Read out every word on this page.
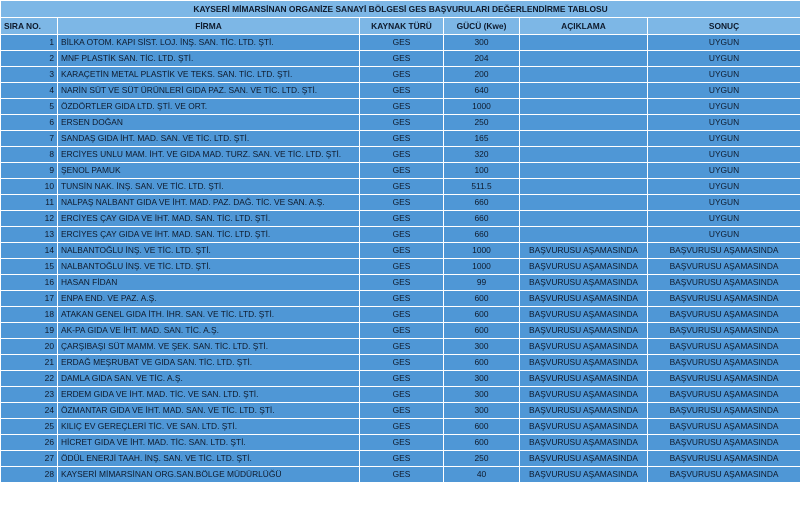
KAYSERİ MİMARSİNAN ORGANİZE SANAYİ BÖLGESİ GES BAŞVURULARI DEĞERLENDİRME TABLOSU					
SIRA NO.	FİRMA	KAYNAK TÜRÜ	GÜCÜ (Kwe)	AÇIKLAMA	SONUÇ
1	BİLKA OTOM. KAPI SİST. LOJ. İNŞ. SAN. TİC. LTD. ŞTİ.	GES	300		UYGUN
2	MNF PLASTİK SAN. TİC. LTD. ŞTİ.	GES	204		UYGUN
3	KARAÇETİN METAL PLASTİK VE TEKS. SAN. TİC. LTD. ŞTİ.	GES	200		UYGUN
4	NARİN SÜT VE SÜT ÜRÜNLERİ GIDA PAZ. SAN. VE TİC. LTD. ŞTİ.	GES	640		UYGUN
5	ÖZDÖRTLER GIDA LTD. ŞTİ. VE ORT.	GES	1000		UYGUN
6	ERSEN DOĞAN	GES	250		UYGUN
7	SANDAŞ GIDA İHT. MAD. SAN. VE TİC. LTD. ŞTİ.	GES	165		UYGUN
8	ERCİYES UNLU MAM. İHT. VE GIDA MAD. TURZ. SAN. VE TİC. LTD. ŞTİ.	GES	320		UYGUN
9	ŞENOL PAMUK	GES	100		UYGUN
10	TUNSİN NAK. İNŞ. SAN. VE TİC. LTD. ŞTİ.	GES	511.5		UYGUN
11	NALPAŞ NALBANT GIDA VE İHT. MAD. PAZ. DAĞ. TİC. VE SAN. A.Ş.	GES	660		UYGUN
12	ERCİYES ÇAY GIDA VE İHT. MAD. SAN. TİC. LTD. ŞTİ.	GES	660		UYGUN
13	ERCİYES ÇAY GIDA VE İHT. MAD. SAN. TİC. LTD. ŞTİ.	GES	660		UYGUN
14	NALBANTOĞLU İNŞ. VE TİC. LTD. ŞTİ.	GES	1000	BAŞVURUSU AŞAMASINDA	BAŞVURUSU AŞAMASINDA
15	NALBANTOĞLU İNŞ. VE TİC. LTD. ŞTİ.	GES	1000	BAŞVURUSU AŞAMASINDA	BAŞVURUSU AŞAMASINDA
16	HASAN FİDAN	GES	99	BAŞVURUSU AŞAMASINDA	BAŞVURUSU AŞAMASINDA
17	ENPA END. VE PAZ. A.Ş.	GES	600	BAŞVURUSU AŞAMASINDA	BAŞVURUSU AŞAMASINDA
18	ATAKAN GENEL GIDA İTH. İHR. SAN. VE TİC. LTD. ŞTİ.	GES	600	BAŞVURUSU AŞAMASINDA	BAŞVURUSU AŞAMASINDA
19	AK-PA GIDA VE İHT. MAD. SAN. TİC. A.Ş.	GES	600	BAŞVURUSU AŞAMASINDA	BAŞVURUSU AŞAMASINDA
20	ÇARŞIBAŞI SÜT MAMM. VE ŞEK. SAN. TİC. LTD. ŞTİ.	GES	300	BAŞVURUSU AŞAMASINDA	BAŞVURUSU AŞAMASINDA
21	ERDAĞ MEŞRUBAT VE GIDA SAN. TİC. LTD. ŞTİ.	GES	600	BAŞVURUSU AŞAMASINDA	BAŞVURUSU AŞAMASINDA
22	DAMLA GIDA SAN. VE TİC. A.Ş.	GES	300	BAŞVURUSU AŞAMASINDA	BAŞVURUSU AŞAMASINDA
23	ERDEM GIDA VE İHT. MAD. TİC. VE SAN. LTD. ŞTİ.	GES	300	BAŞVURUSU AŞAMASINDA	BAŞVURUSU AŞAMASINDA
24	ÖZMANTAR GIDA VE İHT. MAD. SAN. VE TİC. LTD. ŞTİ.	GES	300	BAŞVURUSU AŞAMASINDA	BAŞVURUSU AŞAMASINDA
25	KILIÇ EV GEREÇLERİ TİC. VE SAN. LTD. ŞTİ.	GES	600	BAŞVURUSU AŞAMASINDA	BAŞVURUSU AŞAMASINDA
26	HİCRET GIDA VE İHT. MAD. TİC. SAN. LTD. ŞTİ.	GES	600	BAŞVURUSU AŞAMASINDA	BAŞVURUSU AŞAMASINDA
27	ÖDÜL ENERJİ TAAH. İNŞ. SAN. VE TİC. LTD. ŞTİ.	GES	250	BAŞVURUSU AŞAMASINDA	BAŞVURUSU AŞAMASINDA
28	KAYSERİ MİMARSİNAN ORG.SAN.BÖLGE MÜDÜRLÜĞÜ	GES	40	BAŞVURUSU AŞAMASINDA	BAŞVURUSU AŞAMASINDA
